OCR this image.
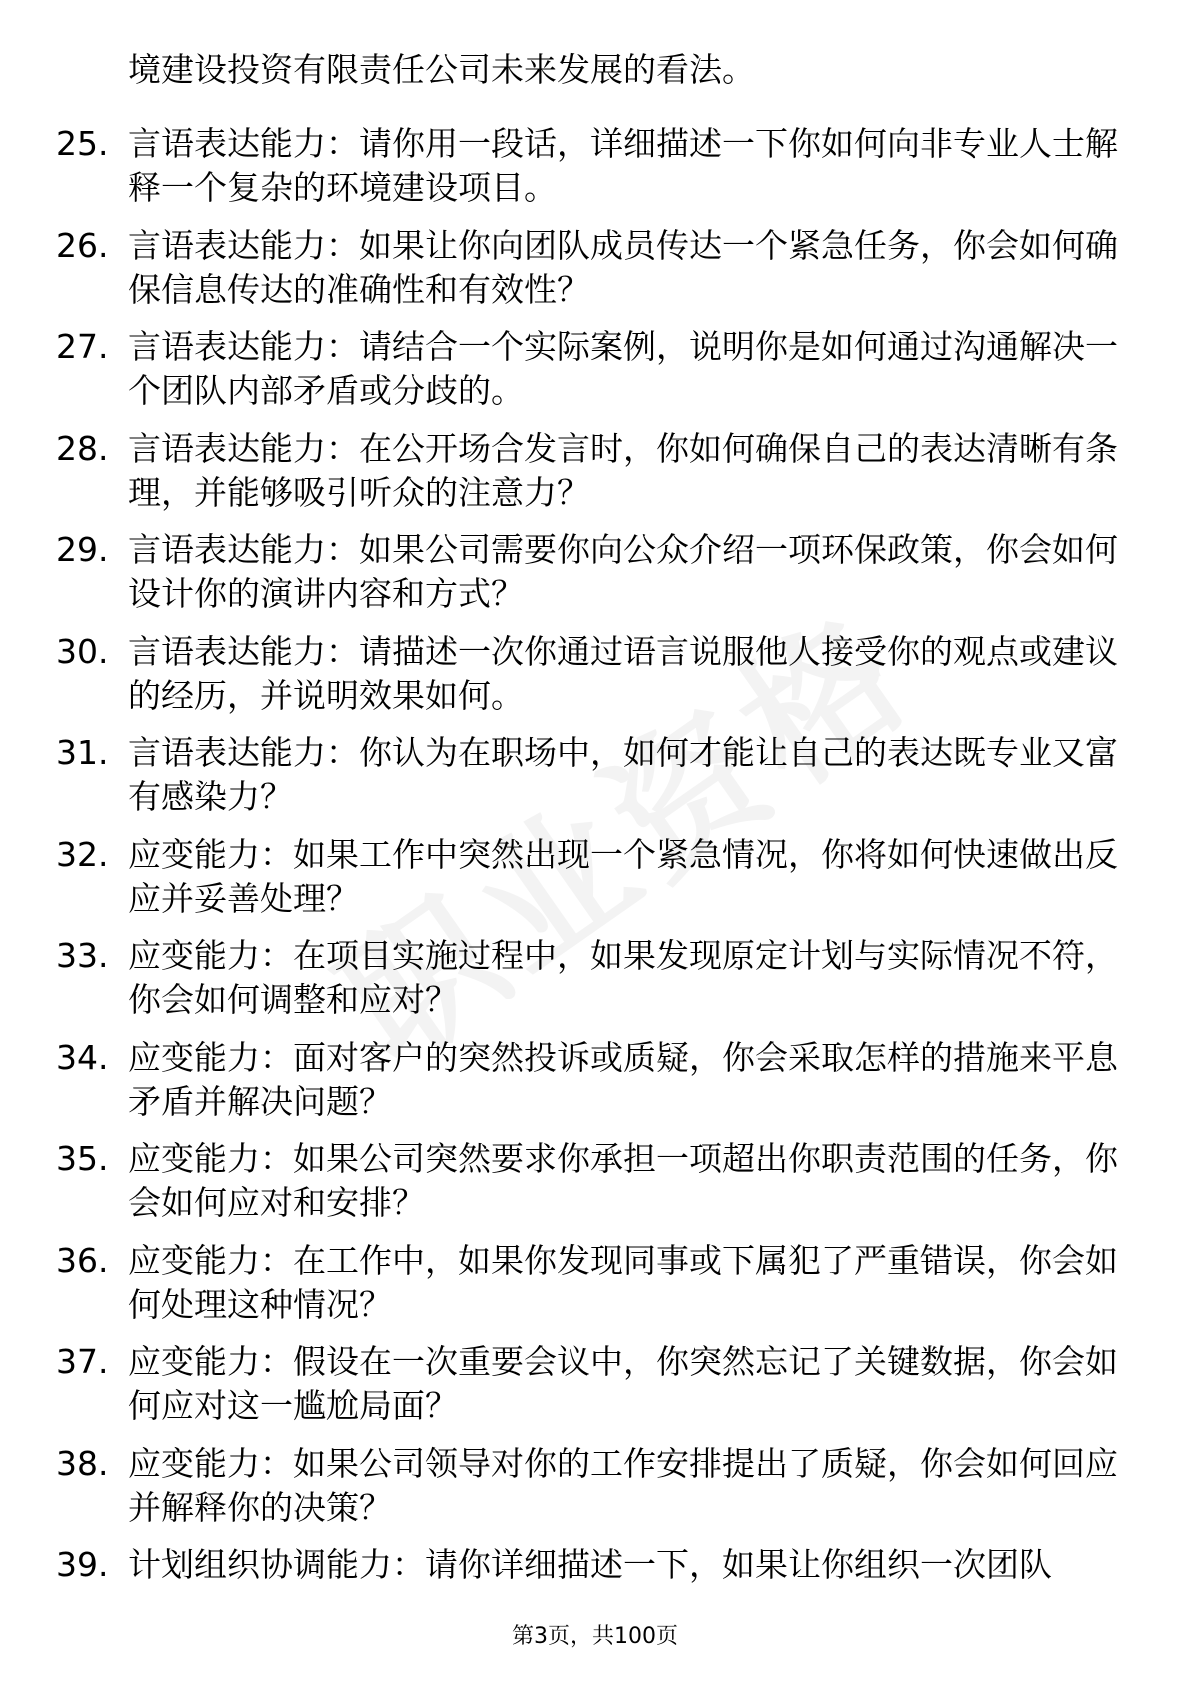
境建设投资有限责任公司未来发展的看法。

25. 言语表达能力：请你用一段话，详细描述一下你如何向非专业人士解释一个复杂的环境建设项目。

26. 言语表达能力：如果让你向团队成员传达一个紧急任务，你会如何确保信息传达的准确性和有效性？

27. 言语表达能力：请结合一个实际案例，说明你是如何通过沟通解决一个团队内部矛盾或分歧的。

28. 言语表达能力：在公开场合发言时，你如何确保自己的表达清晰有条理，并能够吸引听众的注意力？

29. 言语表达能力：如果公司需要你向公众介绍一项环保政策，你会如何设计你的演讲内容和方式？

30. 言语表达能力：请描述一次你通过语言说服他人接受你的观点或建议的经历，并说明效果如何。

31. 言语表达能力：你认为在职场中，如何才能让自己的表达既专业又富有感染力？

32. 应变能力：如果工作中突然出现一个紧急情况，你将如何快速做出反应并妥善处理？

33. 应变能力：在项目实施过程中，如果发现原定计划与实际情况不符，你会如何调整和应对？

34. 应变能力：面对客户的突然投诉或质疑，你会采取怎样的措施来平息矛盾并解决问题？

35. 应变能力：如果公司突然要求你承担一项超出你职责范围的任务，你会如何应对和安排？

36. 应变能力：在工作中，如果你发现同事或下属犯了严重错误，你会如何处理这种情况？

37. 应变能力：假设在一次重要会议中，你突然忘记了关键数据，你会如何应对这一尴尬局面？

38. 应变能力：如果公司领导对你的工作安排提出了质疑，你会如何回应并解释你的决策？

39. 计划组织协调能力：请你详细描述一下，如果让你组织一次团队

第3页，共100页
